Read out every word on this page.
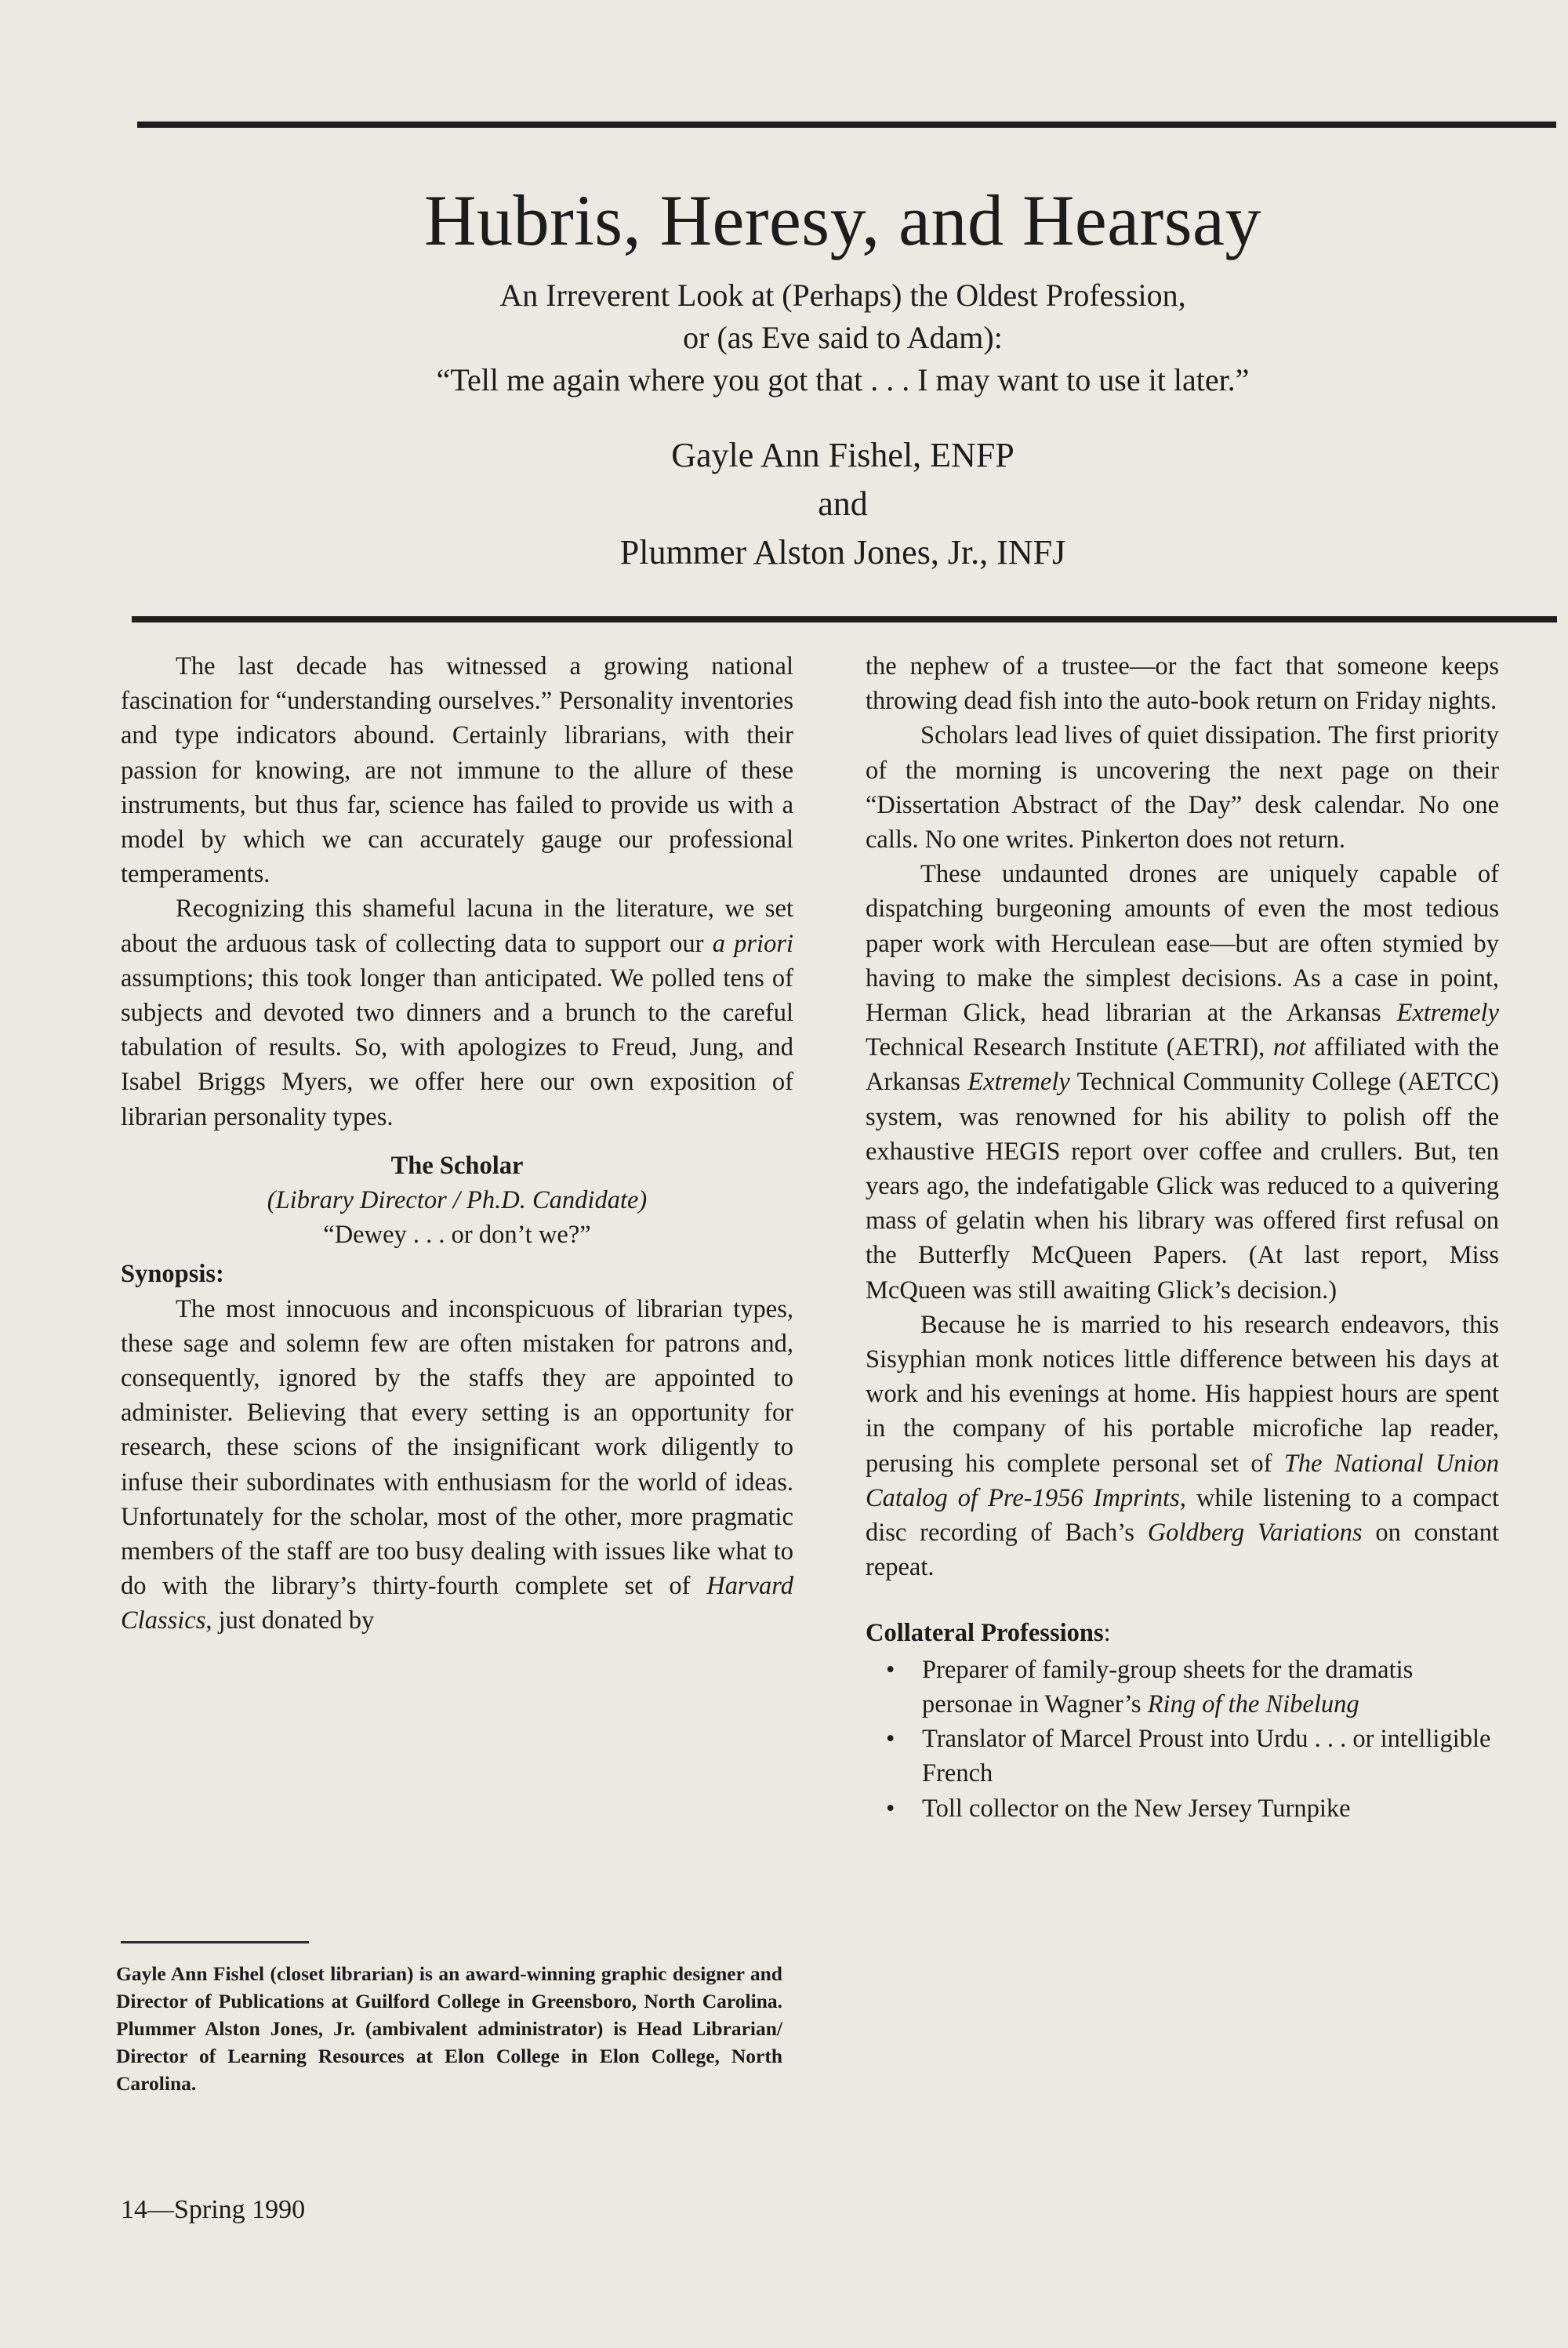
Hubris, Heresy, and Hearsay
An Irreverent Look at (Perhaps) the Oldest Profession,
or (as Eve said to Adam):
“Tell me again where you got that . . . I may want to use it later.”
Gayle Ann Fishel, ENFP
and
Plummer Alston Jones, Jr., INFJ

The last decade has witnessed a growing national fascination for “understanding ourselves.” Personality inventories and type indicators abound. Certainly librarians, with their passion for knowing, are not immune to the allure of these instruments, but thus far, science has failed to provide us with a model by which we can accurately gauge our professional temperaments.

Recognizing this shameful lacuna in the literature, we set about the arduous task of collecting data to support our a priori assumptions; this took longer than anticipated. We polled tens of subjects and devoted two dinners and a brunch to the careful tabulation of results. So, with apologizes to Freud, Jung, and Isabel Briggs Myers, we offer here our own exposition of librarian personality types.

The Scholar
(Library Director / Ph.D. Candidate)
“Dewey . . . or don’t we?”
Synopsis:

The most innocuous and inconspicuous of librarian types, these sage and solemn few are often mistaken for patrons and, consequently, ignored by the staffs they are appointed to administer. Believing that every setting is an opportunity for research, these scions of the insignificant work diligently to infuse their subordinates with enthusiasm for the world of ideas. Unfortunately for the scholar, most of the other, more pragmatic members of the staff are too busy dealing with issues like what to do with the library’s thirty-fourth complete set of Harvard Classics, just donated by

Gayle Ann Fishel (closet librarian) is an award-winning graphic designer and Director of Publications at Guilford College in Greensboro, North Carolina. Plummer Alston Jones, Jr. (ambivalent administrator) is Head Librarian/ Director of Learning Resources at Elon College in Elon College, North Carolina.

the nephew of a trustee—or the fact that someone keeps throwing dead fish into the auto-book return on Friday nights.

Scholars lead lives of quiet dissipation. The first priority of the morning is uncovering the next page on their “Dissertation Abstract of the Day” desk calendar. No one calls. No one writes. Pinkerton does not return.

These undaunted drones are uniquely capable of dispatching burgeoning amounts of even the most tedious paper work with Herculean ease—but are often stymied by having to make the simplest decisions. As a case in point, Herman Glick, head librarian at the Arkansas Extremely Technical Research Institute (AETRI), not affiliated with the Arkansas Extremely Technical Community College (AETCC) system, was renowned for his ability to polish off the exhaustive HEGIS report over coffee and crullers. But, ten years ago, the indefatigable Glick was reduced to a quivering mass of gelatin when his library was offered first refusal on the Butterfly McQueen Papers. (At last report, Miss McQueen was still awaiting Glick’s decision.)

Because he is married to his research endeavors, this Sisyphian monk notices little difference between his days at work and his evenings at home. His happiest hours are spent in the company of his portable microfiche lap reader, perusing his complete personal set of The National Union Catalog of Pre-1956 Imprints, while listening to a compact disc recording of Bach’s Goldberg Variations on constant repeat.

Collateral Professions:
• Preparer of family-group sheets for the dramatis personae in Wagner’s Ring of the Nibelung
• Translator of Marcel Proust into Urdu . . . or intelligible French
• Toll collector on the New Jersey Turnpike
14—Spring 1990
